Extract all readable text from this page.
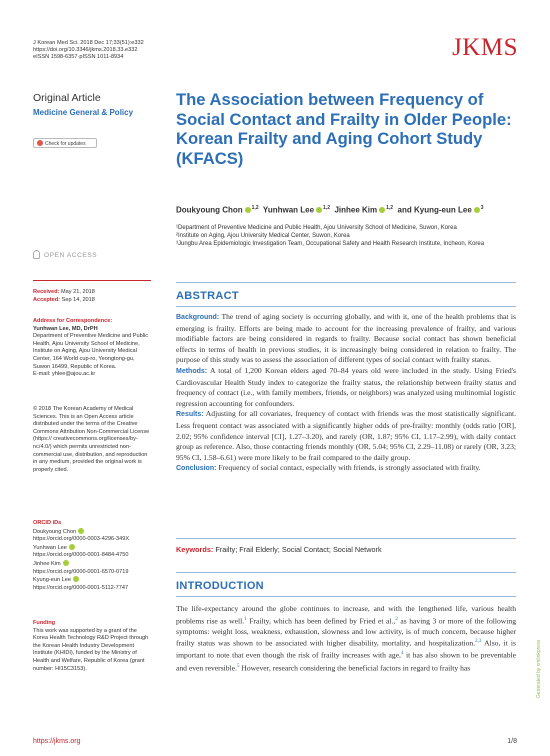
J Korean Med Sci. 2018 Dec 17;33(51):e332
https://doi.org/10.3346/jkms.2018.33.e332
eISSN 1598-6357·pISSN 1011-8934	JKMS
Original Article
Medicine General & Policy
Check for updates
OPEN ACCESS
Received: May 21, 2018
Accepted: Sep 14, 2018
Address for Correspondence:
Yunhwan Lee, MD, DrPH
Department of Preventive Medicine and Public Health, Ajou University School of Medicine, Institute on Aging, Ajou University Medical Center, 164 World cup-ro, Yeongtong-gu, Suwon 16499, Republic of Korea.
E-mail: yhlee@ajou.ac.kr
© 2018 The Korean Academy of Medical Sciences. This is an Open Access article distributed under the terms of the Creative Commons Attribution Non-Commercial License (https:// creativecommons.org/licenses/by-nc/4.0/) which permits unrestricted non-commercial use, distribution, and reproduction in any medium, provided the original work is properly cited.
ORCID iDs
Doukyoung Chon
https://orcid.org/0000-0003-4296-349X
Yunhwan Lee
https://orcid.org/0000-0001-8484-4750
Jinhee Kim
https://orcid.org/0000-0001-6570-0719
Kyung-eun Lee
https://orcid.org/0000-0001-5112-7747
Funding
This work was supported by a grant of the Korea Health Technology R&D Project through the Korean Health Industry Development Institute (KHIDI), funded by the Ministry of Health and Welfare, Republic of Korea (grant number: HI15C3153).
The Association between Frequency of Social Contact and Frailty in Older People: Korean Frailty and Aging Cohort Study (KFACS)
Doukyoung Chon $^{1,2}$ Yunhwan Lee $^{1,2}$ Jinhee Kim $^{1,2}$ and Kyung-eun Lee $^3$
¹Department of Preventive Medicine and Public Health, Ajou University School of Medicine, Suwon, Korea
²Institute on Aging, Ajou University Medical Center, Suwon, Korea
³Jungbu Area Epidemiologic Investigation Team, Occupational Safety and Health Research Institute, Incheon, Korea
ABSTRACT
Background: The trend of aging society is occurring globally, and with it, one of the health problems that is emerging is frailty. Efforts are being made to account for the increasing prevalence of frailty, and various modifiable factors are being considered in regards to frailty. Because social contact has shown beneficial effects in terms of health in previous studies, it is increasingly being considered in relation to frailty. The purpose of this study was to assess the association of different types of social contact with frailty status.
Methods: A total of 1,200 Korean elders aged 70–84 years old were included in the study. Using Fried's Cardiovascular Health Study index to categorize the frailty status, the relationship between frailty status and frequency of contact (i.e., with family members, friends, or neighbors) was analyzed using multinomial logistic regression accounting for confounders.
Results: Adjusting for all covariates, frequency of contact with friends was the most statistically significant. Less frequent contact was associated with a significantly higher odds of pre-frailty: monthly (odds ratio [OR], 2.02; 95% confidence interval [CI], 1.27–3.20), and rarely (OR, 1.87; 95% CI, 1.17–2.99), with daily contact group as reference. Also, those contacting friends monthly (OR, 5.04; 95% CI, 2.29–11.08) or rarely (OR, 3.23; 95% CI, 1.58–6.61) were more likely to be frail compared to the daily group.
Conclusion: Frequency of social contact, especially with friends, is strongly associated with frailty.
Keywords: Frailty; Frail Elderly; Social Contact; Social Network
INTRODUCTION
The life-expectancy around the globe continues to increase, and with the lengthened life, various health problems rise as well.$^1$ Frailty, which has been defined by Fried et al.,$^2$ as having 3 or more of the following symptoms: weight loss, weakness, exhaustion, slowness and low activity, is of much concern, because higher frailty status was shown to be associated with higher disability, mortality, and hospitalization.$^{2,3}$ Also, it is important to note that even though the risk of frailty increases with age,$^4$ it has also shown to be preventable and even reversible.$^5$ However, research considering the beneficial factors in regard to frailty has	Generated by xmlinkpress
https://jkms.org	1/8
